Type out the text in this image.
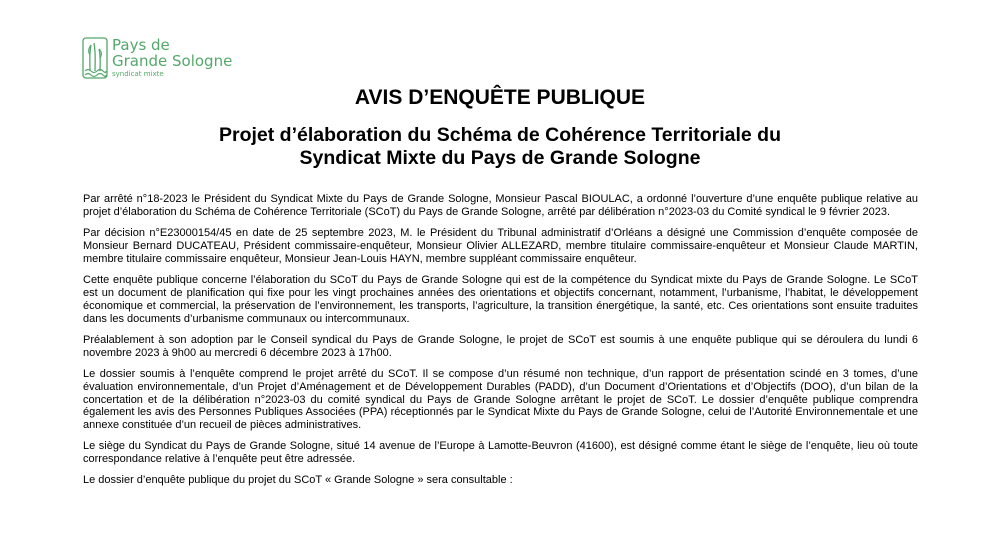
Pays de
Grande Sologne
syndicat mixte
AVIS D’ENQUÊTE PUBLIQUE
Projet d’élaboration du Schéma de Cohérence Territoriale du
Syndicat Mixte du Pays de Grande Sologne

Par arrêté n°18-2023 le Président du Syndicat Mixte du Pays de Grande Sologne, Monsieur Pascal BIOULAC, a ordonné l’ouverture d’une enquête publique relative au projet d’élaboration du Schéma de Cohérence Territoriale (SCoT) du Pays de Grande Sologne, arrêté par délibération n°2023-03 du Comité syndical le 9 février 2023.

Par décision n°E23000154/45 en date de 25 septembre 2023, M. le Président du Tribunal administratif d’Orléans a désigné une Commission d’enquête composée de Monsieur Bernard DUCATEAU, Président commissaire-enquêteur, Monsieur Olivier ALLEZARD, membre titulaire commissaire-enquêteur et Monsieur Claude MARTIN, membre titulaire commissaire enquêteur, Monsieur Jean-Louis HAYN, membre suppléant commissaire enquêteur.

Cette enquête publique concerne l’élaboration du SCoT du Pays de Grande Sologne qui est de la compétence du Syndicat mixte du Pays de Grande Sologne. Le SCoT est un document de planification qui fixe pour les vingt prochaines années des orientations et objectifs concernant, notamment, l’urbanisme, l’habitat, le développement économique et commercial, la préservation de l’environnement, les transports, l’agriculture, la transition énergétique, la santé, etc. Ces orientations sont ensuite traduites dans les documents d’urbanisme communaux ou intercommunaux.

Préalablement à son adoption par le Conseil syndical du Pays de Grande Sologne, le projet de SCoT est soumis à une enquête publique qui se déroulera du lundi 6 novembre 2023 à 9h00 au mercredi 6 décembre 2023 à 17h00.

Le dossier soumis à l’enquête comprend le projet arrêté du SCoT. Il se compose d’un résumé non technique, d’un rapport de présentation scindé en 3 tomes, d’une évaluation environnementale, d’un Projet d’Aménagement et de Développement Durables (PADD), d’un Document d’Orientations et d’Objectifs (DOO), d’un bilan de la concertation et de la délibération n°2023-03 du comité syndical du Pays de Grande Sologne arrêtant le projet de SCoT. Le dossier d’enquête publique comprendra également les avis des Personnes Publiques Associées (PPA) réceptionnés par le Syndicat Mixte du Pays de Grande Sologne, celui de l’Autorité Environnementale et une annexe constituée d’un recueil de pièces administratives.

Le siège du Syndicat du Pays de Grande Sologne, situé 14 avenue de l’Europe à Lamotte-Beuvron (41600), est désigné comme étant le siège de l’enquête, lieu où toute correspondance relative à l’enquête peut être adressée.

Le dossier d’enquête publique du projet du SCoT « Grande Sologne » sera consultable :
